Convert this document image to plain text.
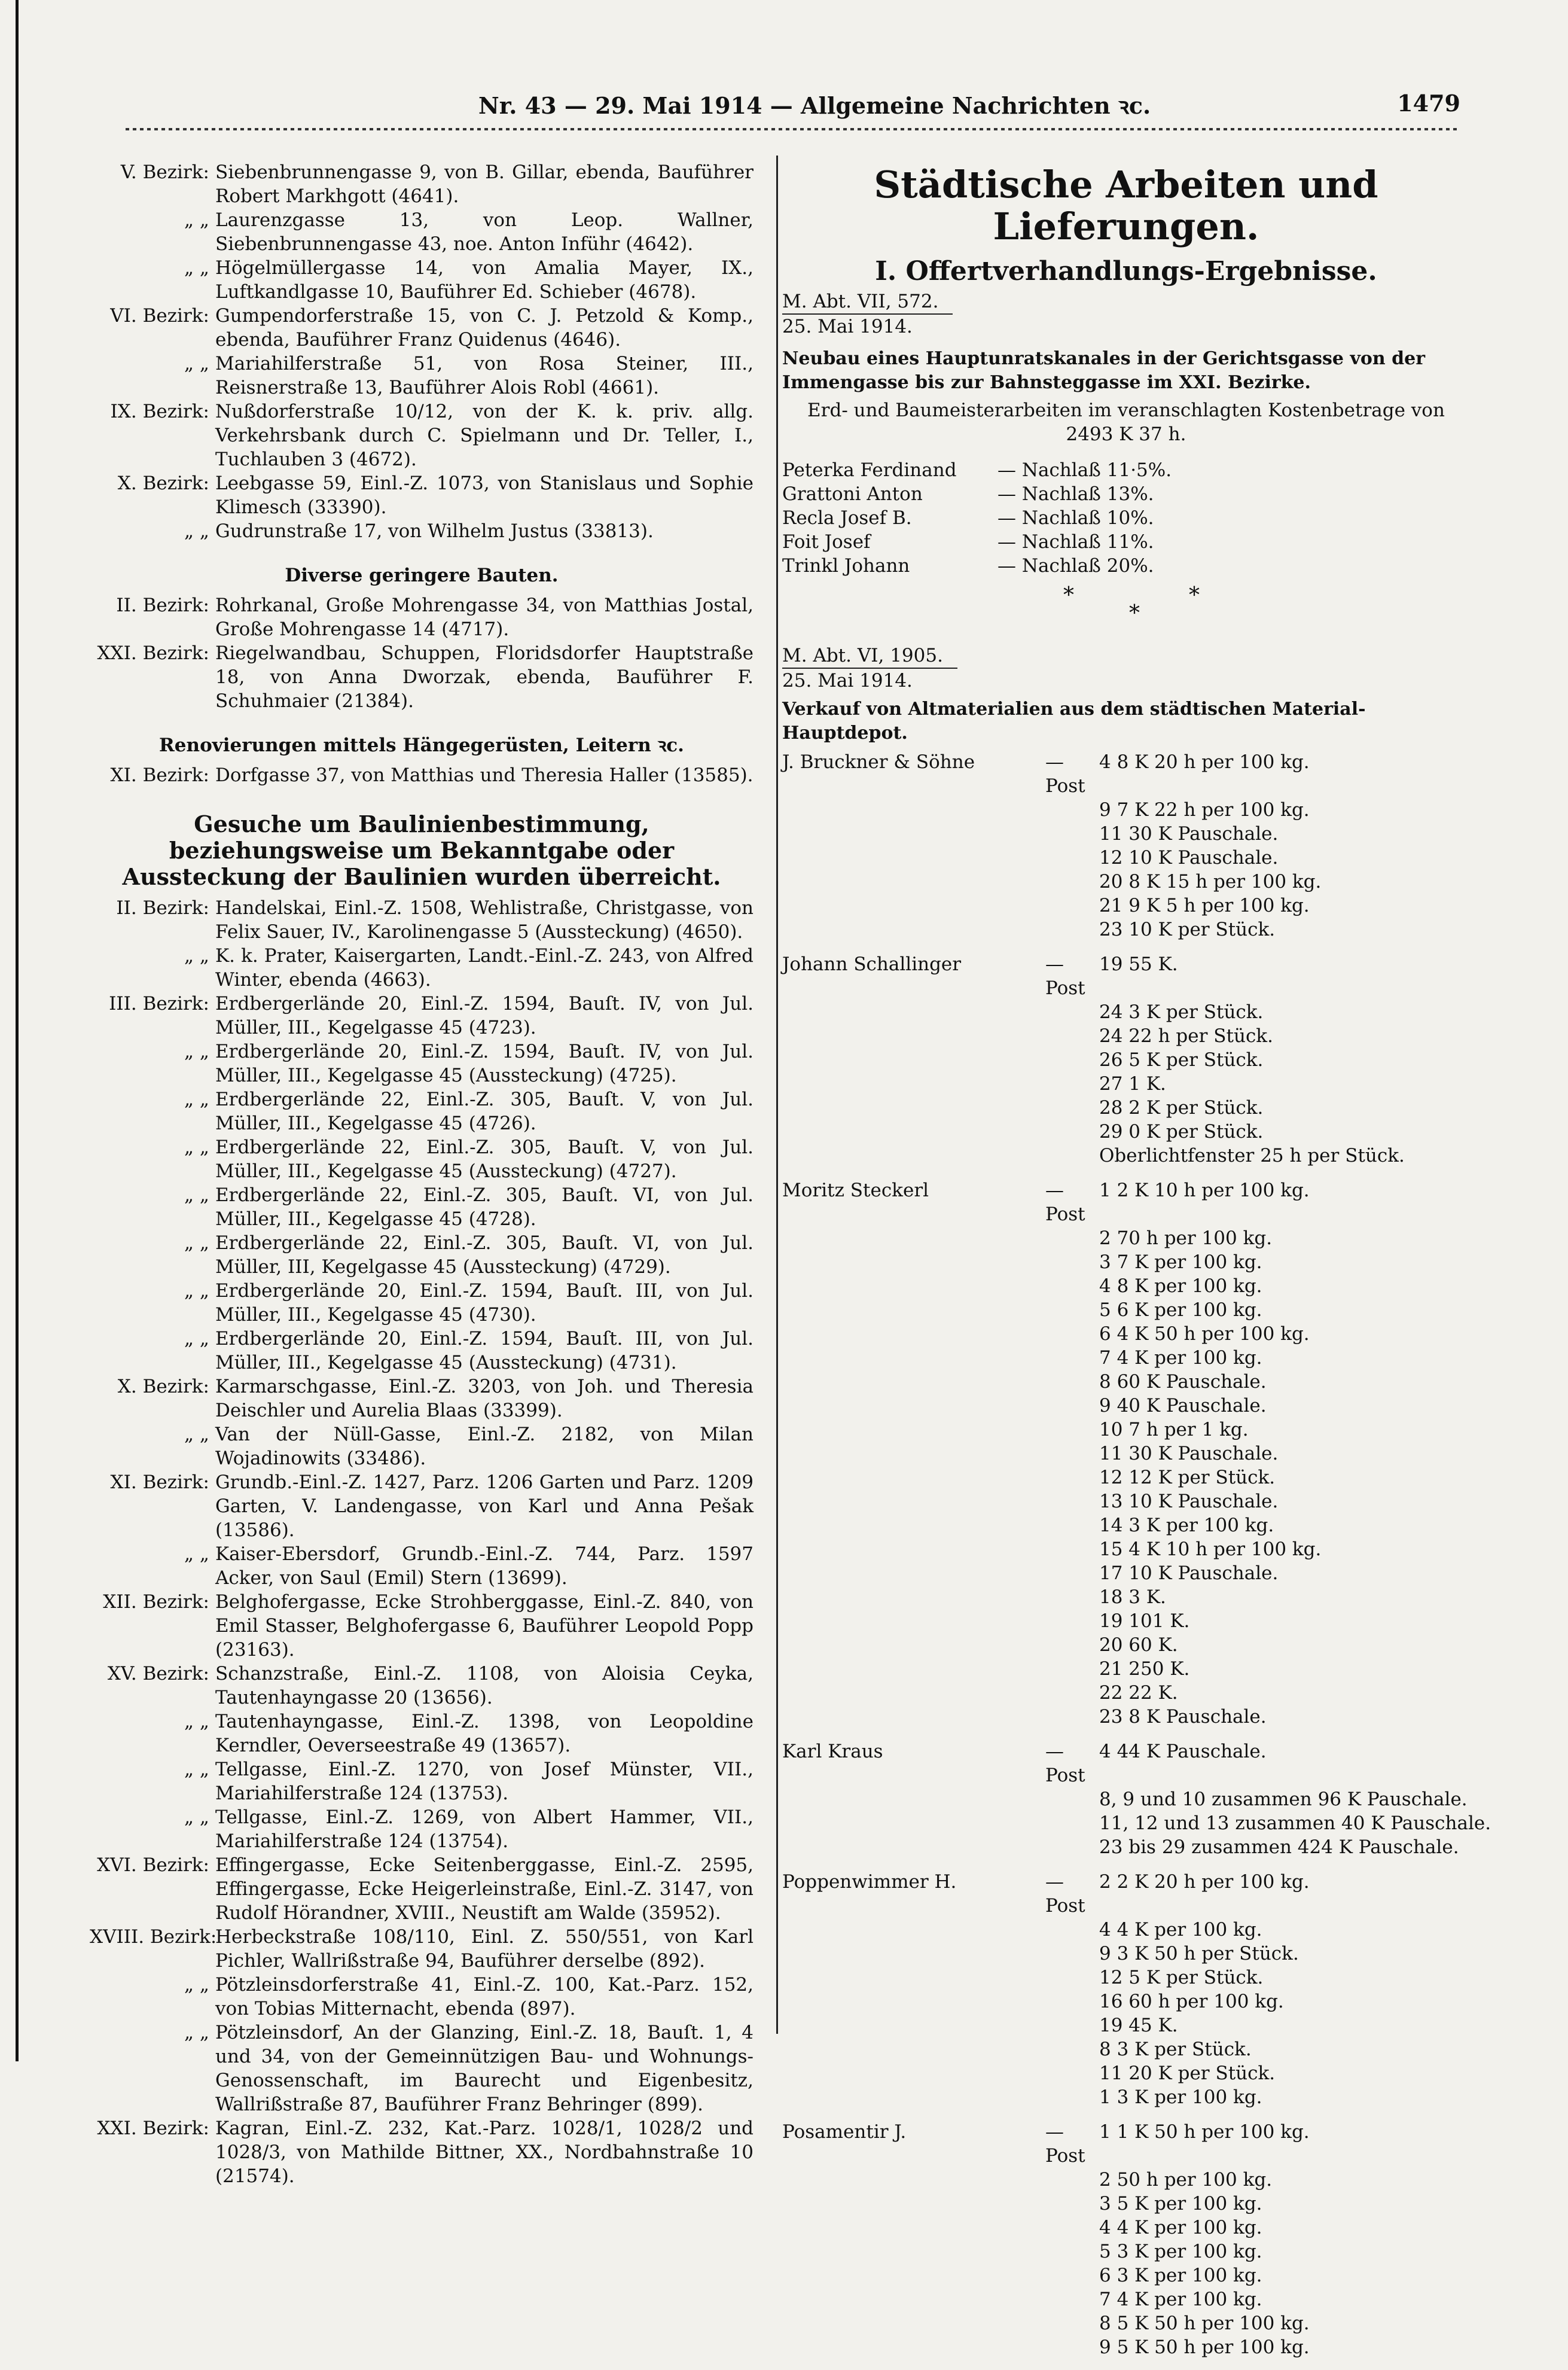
Nr. 43 — 29. Mai 1914 — Allgemeine Nachrichten ꝛc.	1479
V. Bezirk: Siebenbrunnengasse 9, von B. Gillar, ebenda, Bauführer Robert Markhgott (4641).
„ „ Laurenzgasse 13, von Leop. Wallner, Siebenbrunnengasse 43, noe. Anton Inführ (4642).
„ „ Högelmüllergasse 14, von Amalia Mayer, IX., Luftkandlgasse 10, Bauführer Ed. Schieber (4678).
VI. Bezirk: Gumpendorferstraße 15, von C. J. Petzold & Komp., ebenda, Bauführer Franz Quidenus (4646).
„ „ Mariahilferstraße 51, von Rosa Steiner, III., Reisnerstraße 13, Bauführer Alois Robl (4661).
IX. Bezirk: Nußdorferstraße 10/12, von der K. k. priv. allg. Verkehrsbank durch C. Spielmann und Dr. Teller, I., Tuchlauben 3 (4672).
X. Bezirk: Leebgasse 59, Einl.-Z. 1073, von Stanislaus und Sophie Klimesch (33390).
„ „ Gudrunstraße 17, von Wilhelm Justus (33813).
Diverse geringere Bauten.
II. Bezirk: Rohrkanal, Große Mohrengasse 34, von Matthias Jostal, Große Mohrengasse 14 (4717).
XXI. Bezirk: Riegelwandbau, Schuppen, Floridsdorfer Hauptstraße 18, von Anna Dworzak, ebenda, Bauführer F. Schuhmaier (21384).
Renovierungen mittels Hängegerüsten, Leitern ꝛc.
XI. Bezirk: Dorfgasse 37, von Matthias und Theresia Haller (13585).
Gesuche um Baulinienbestimmung, beziehungsweise um Bekanntgabe oder Aussteckung der Baulinien wurden überreicht.
II. Bezirk: Handelskai, Einl.-Z. 1508, Wehlistraße, Christgasse, von Felix Sauer, IV., Karolinengasse 5 (Aussteckung) (4650).
„ „ K. k. Prater, Kaisergarten, Landt.-Einl.-Z. 243, von Alfred Winter, ebenda (4663).
III. Bezirk: Erdbergerlände 20, Einl.-Z. 1594, Bauſt. IV, von Jul. Müller, III., Kegelgasse 45 (4723).
„ „ Erdbergerlände 20, Einl.-Z. 1594, Bauſt. IV, von Jul. Müller, III., Kegelgasse 45 (Aussteckung) (4725).
„ „ Erdbergerlände 22, Einl.-Z. 305, Bauſt. V, von Jul. Müller, III., Kegelgasse 45 (4726).
„ „ Erdbergerlände 22, Einl.-Z. 305, Bauſt. V, von Jul. Müller, III., Kegelgasse 45 (Aussteckung) (4727).
„ „ Erdbergerlände 22, Einl.-Z. 305, Bauſt. VI, von Jul. Müller, III., Kegelgasse 45 (4728).
„ „ Erdbergerlände 22, Einl.-Z. 305, Bauſt. VI, von Jul. Müller, III, Kegelgasse 45 (Aussteckung) (4729).
„ „ Erdbergerlände 20, Einl.-Z. 1594, Bauſt. III, von Jul. Müller, III., Kegelgasse 45 (4730).
„ „ Erdbergerlände 20, Einl.-Z. 1594, Bauſt. III, von Jul. Müller, III., Kegelgasse 45 (Aussteckung) (4731).
X. Bezirk: Karmarschgasse, Einl.-Z. 3203, von Joh. und Theresia Deischler und Aurelia Blaas (33399).
„ „ Van der Nüll-Gasse, Einl.-Z. 2182, von Milan Wojadinowits (33486).
XI. Bezirk: Grundb.-Einl.-Z. 1427, Parz. 1206 Garten und Parz. 1209 Garten, V. Landengasse, von Karl und Anna Pešak (13586).
„ „ Kaiser-Ebersdorf, Grundb.-Einl.-Z. 744, Parz. 1597 Acker, von Saul (Emil) Stern (13699).
XII. Bezirk: Belghofergasse, Ecke Strohberggasse, Einl.-Z. 840, von Emil Stasser, Belghofergasse 6, Bauführer Leopold Popp (23163).
XV. Bezirk: Schanzstraße, Einl.-Z. 1108, von Aloisia Ceyka, Tautenhayngasse 20 (13656).
„ „ Tautenhayngasse, Einl.-Z. 1398, von Leopoldine Kerndler, Oeverseestraße 49 (13657).
„ „ Tellgasse, Einl.-Z. 1270, von Josef Münster, VII., Mariahilferstraße 124 (13753).
„ „ Tellgasse, Einl.-Z. 1269, von Albert Hammer, VII., Mariahilferstraße 124 (13754).
XVI. Bezirk: Effingergasse, Ecke Seitenberggasse, Einl.-Z. 2595, Effingergasse, Ecke Heigerleinstraße, Einl.-Z. 3147, von Rudolf Hörandner, XVIII., Neustift am Walde (35952).
XVIII. Bezirk:
Herbeckstraße 108/110, Einl. Z. 550/551, von Karl Pichler, Wallrißstraße 94, Bauführer derselbe (892).
„ „ Pötzleinsdorferstraße 41, Einl.-Z. 100, Kat.-Parz. 152, von Tobias Mitternacht, ebenda (897).
„ „ Pötzleinsdorf, An der Glanzing, Einl.-Z. 18, Bauſt. 1, 4 und 34, von der Gemeinnützigen Bau- und Wohnungs-Genossenschaft, im Baurecht und Eigenbesitz, Wallrißstraße 87, Bauführer Franz Behringer (899).
XXI. Bezirk: Kagran, Einl.-Z. 232, Kat.-Parz. 1028/1, 1028/2 und 1028/3, von Mathilde Bittner, XX., Nordbahnstraße 10 (21574).
Städtische Arbeiten und Lieferungen.
I. Offertverhandlungs-Ergebnisse.
M. Abt. VII, 572.
25. Mai 1914.
Neubau eines Hauptunratskanales in der Gerichtsgasse von der Immengasse bis zur Bahnsteggasse im XXI. Bezirke.
Erd- und Baumeisterarbeiten im veranschlagten Kostenbetrage von
2493 K 37 h.
Peterka Ferdinand	— Nachlaß 11·5%.
Grattoni Anton	— Nachlaß 13%.
Recla Josef B.	— Nachlaß 10%.
Foit Josef	— Nachlaß 11%.
Trinkl Johann	— Nachlaß 20%.
*
*
*
M. Abt. VI, 1905.
25. Mai 1914.
Verkauf von Altmaterialien aus dem städtischen Material-Hauptdepot.
J. Bruckner & Söhne	— Post
4 8 K 20 h per 100 kg.
9 7 K 22 h per 100 kg.
11 30 K Pauschale.
12 10 K Pauschale.
20 8 K 15 h per 100 kg.
21 9 K 5 h per 100 kg.
23 10 K per Stück.
Johann Schallinger	— Post
19 55 K.
24 3 K per Stück.
24 22 h per Stück.
26 5 K per Stück.
27 1 K.
28 2 K per Stück.
29 0 K per Stück.
Oberlichtfenster 25 h per Stück.
Moritz Steckerl	— Post
1 2 K 10 h per 100 kg.
2 70 h per 100 kg.
3 7 K per 100 kg.
4 8 K per 100 kg.
5 6 K per 100 kg.
6 4 K 50 h per 100 kg.
7 4 K per 100 kg.
8 60 K Pauschale.
9 40 K Pauschale.
10 7 h per 1 kg.
11 30 K Pauschale.
12 12 K per Stück.
13 10 K Pauschale.
14 3 K per 100 kg.
15 4 K 10 h per 100 kg.
17 10 K Pauschale.
18 3 K.
19 101 K.
20 60 K.
21 250 K.
22 22 K.
23 8 K Pauschale.
Karl Kraus	— Post
4 44 K Pauschale.
8, 9 und 10 zusammen 96 K Pauschale.
11, 12 und 13 zusammen 40 K Pauschale.
23 bis 29 zusammen 424 K Pauschale.
Poppenwimmer H.	— Post
2 2 K 20 h per 100 kg.
4 4 K per 100 kg.
9 3 K 50 h per Stück.
12 5 K per Stück.
16 60 h per 100 kg.
19 45 K.
8 3 K per Stück.
11 20 K per Stück.
1 3 K per 100 kg.
Posamentir J.	— Post
1 1 K 50 h per 100 kg.
2 50 h per 100 kg.
3 5 K per 100 kg.
4 4 K per 100 kg.
5 3 K per 100 kg.
6 3 K per 100 kg.
7 4 K per 100 kg.
8 5 K 50 h per 100 kg.
9 5 K 50 h per 100 kg.
